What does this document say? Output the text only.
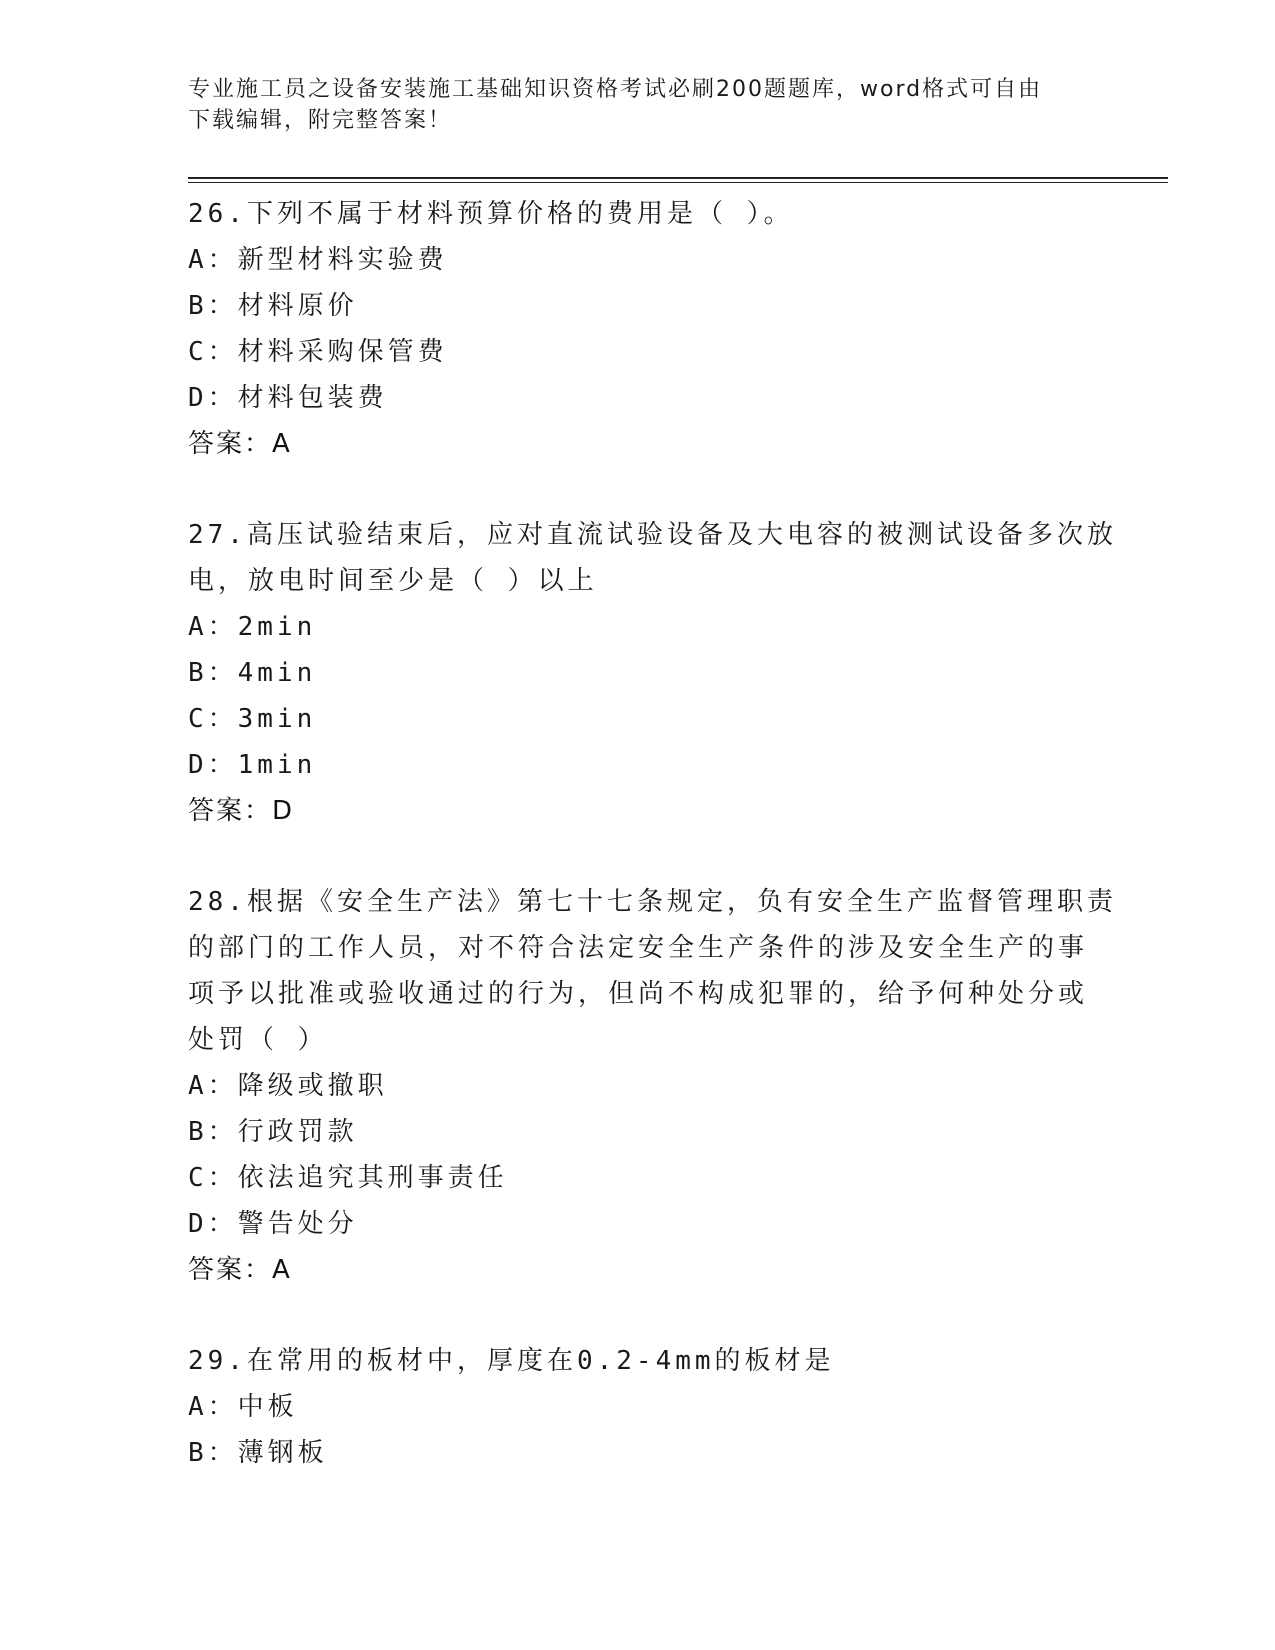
专业施工员之设备安装施工基础知识资格考试必刷200题题库，word格式可自由
下载编辑，附完整答案！
26.下列不属于材料预算价格的费用是（ ）。
A：新型材料实验费
B：材料原价
C：材料采购保管费
D：材料包装费
答案：A
27.高压试验结束后，应对直流试验设备及大电容的被测试设备多次放
电，放电时间至少是（ ）以上
A：2min
B：4min
C：3min
D：1min
答案：D
28.根据《安全生产法》第七十七条规定，负有安全生产监督管理职责
的部门的工作人员，对不符合法定安全生产条件的涉及安全生产的事
项予以批准或验收通过的行为，但尚不构成犯罪的，给予何种处分或
处罚（ ）
A：降级或撤职
B：行政罚款
C：依法追究其刑事责任
D：警告处分
答案：A
29.在常用的板材中，厚度在0.2-4mm的板材是
A：中板
B：薄钢板
